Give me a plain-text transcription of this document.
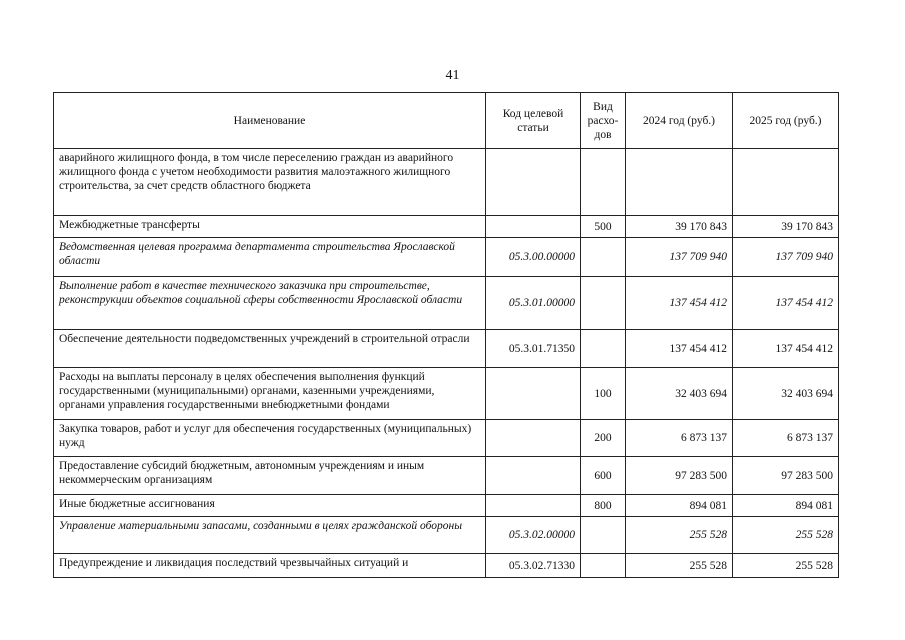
41
Наименование	Код целевой статьи	Вид расхо-дов	2024 год (руб.)	2025 год (руб.)
аварийного жилищного фонда, в том числе переселению граждан из аварийного жилищного фонда с учетом необходимости развития малоэтажного жилищного строительства, за счет средств областного бюджета				
Межбюджетные трансферты		500	39 170 843	39 170 843
Ведомственная целевая программа департамента строительства Ярославской области	05.3.00.00000		137 709 940	137 709 940
Выполнение работ в качестве технического заказчика при строительстве, реконструкции объектов социальной сферы собственности Ярославской области	05.3.01.00000		137 454 412	137 454 412
Обеспечение деятельности подведомственных учреждений в строительной отрасли	05.3.01.71350		137 454 412	137 454 412
Расходы на выплаты персоналу в целях обеспечения выполнения функций государственными (муниципальными) органами, казенными учреждениями, органами управления государственными внебюджетными фондами		100	32 403 694	32 403 694
Закупка товаров, работ и услуг для обеспечения государственных (муниципальных) нужд		200	6 873 137	6 873 137
Предоставление субсидий бюджетным, автономным учреждениям и иным некоммерческим организациям		600	97 283 500	97 283 500
Иные бюджетные ассигнования		800	894 081	894 081
Управление материальными запасами, созданными в целях гражданской обороны	05.3.02.00000		255 528	255 528
Предупреждение и ликвидация последствий чрезвычайных ситуаций и	05.3.02.71330		255 528	255 528
